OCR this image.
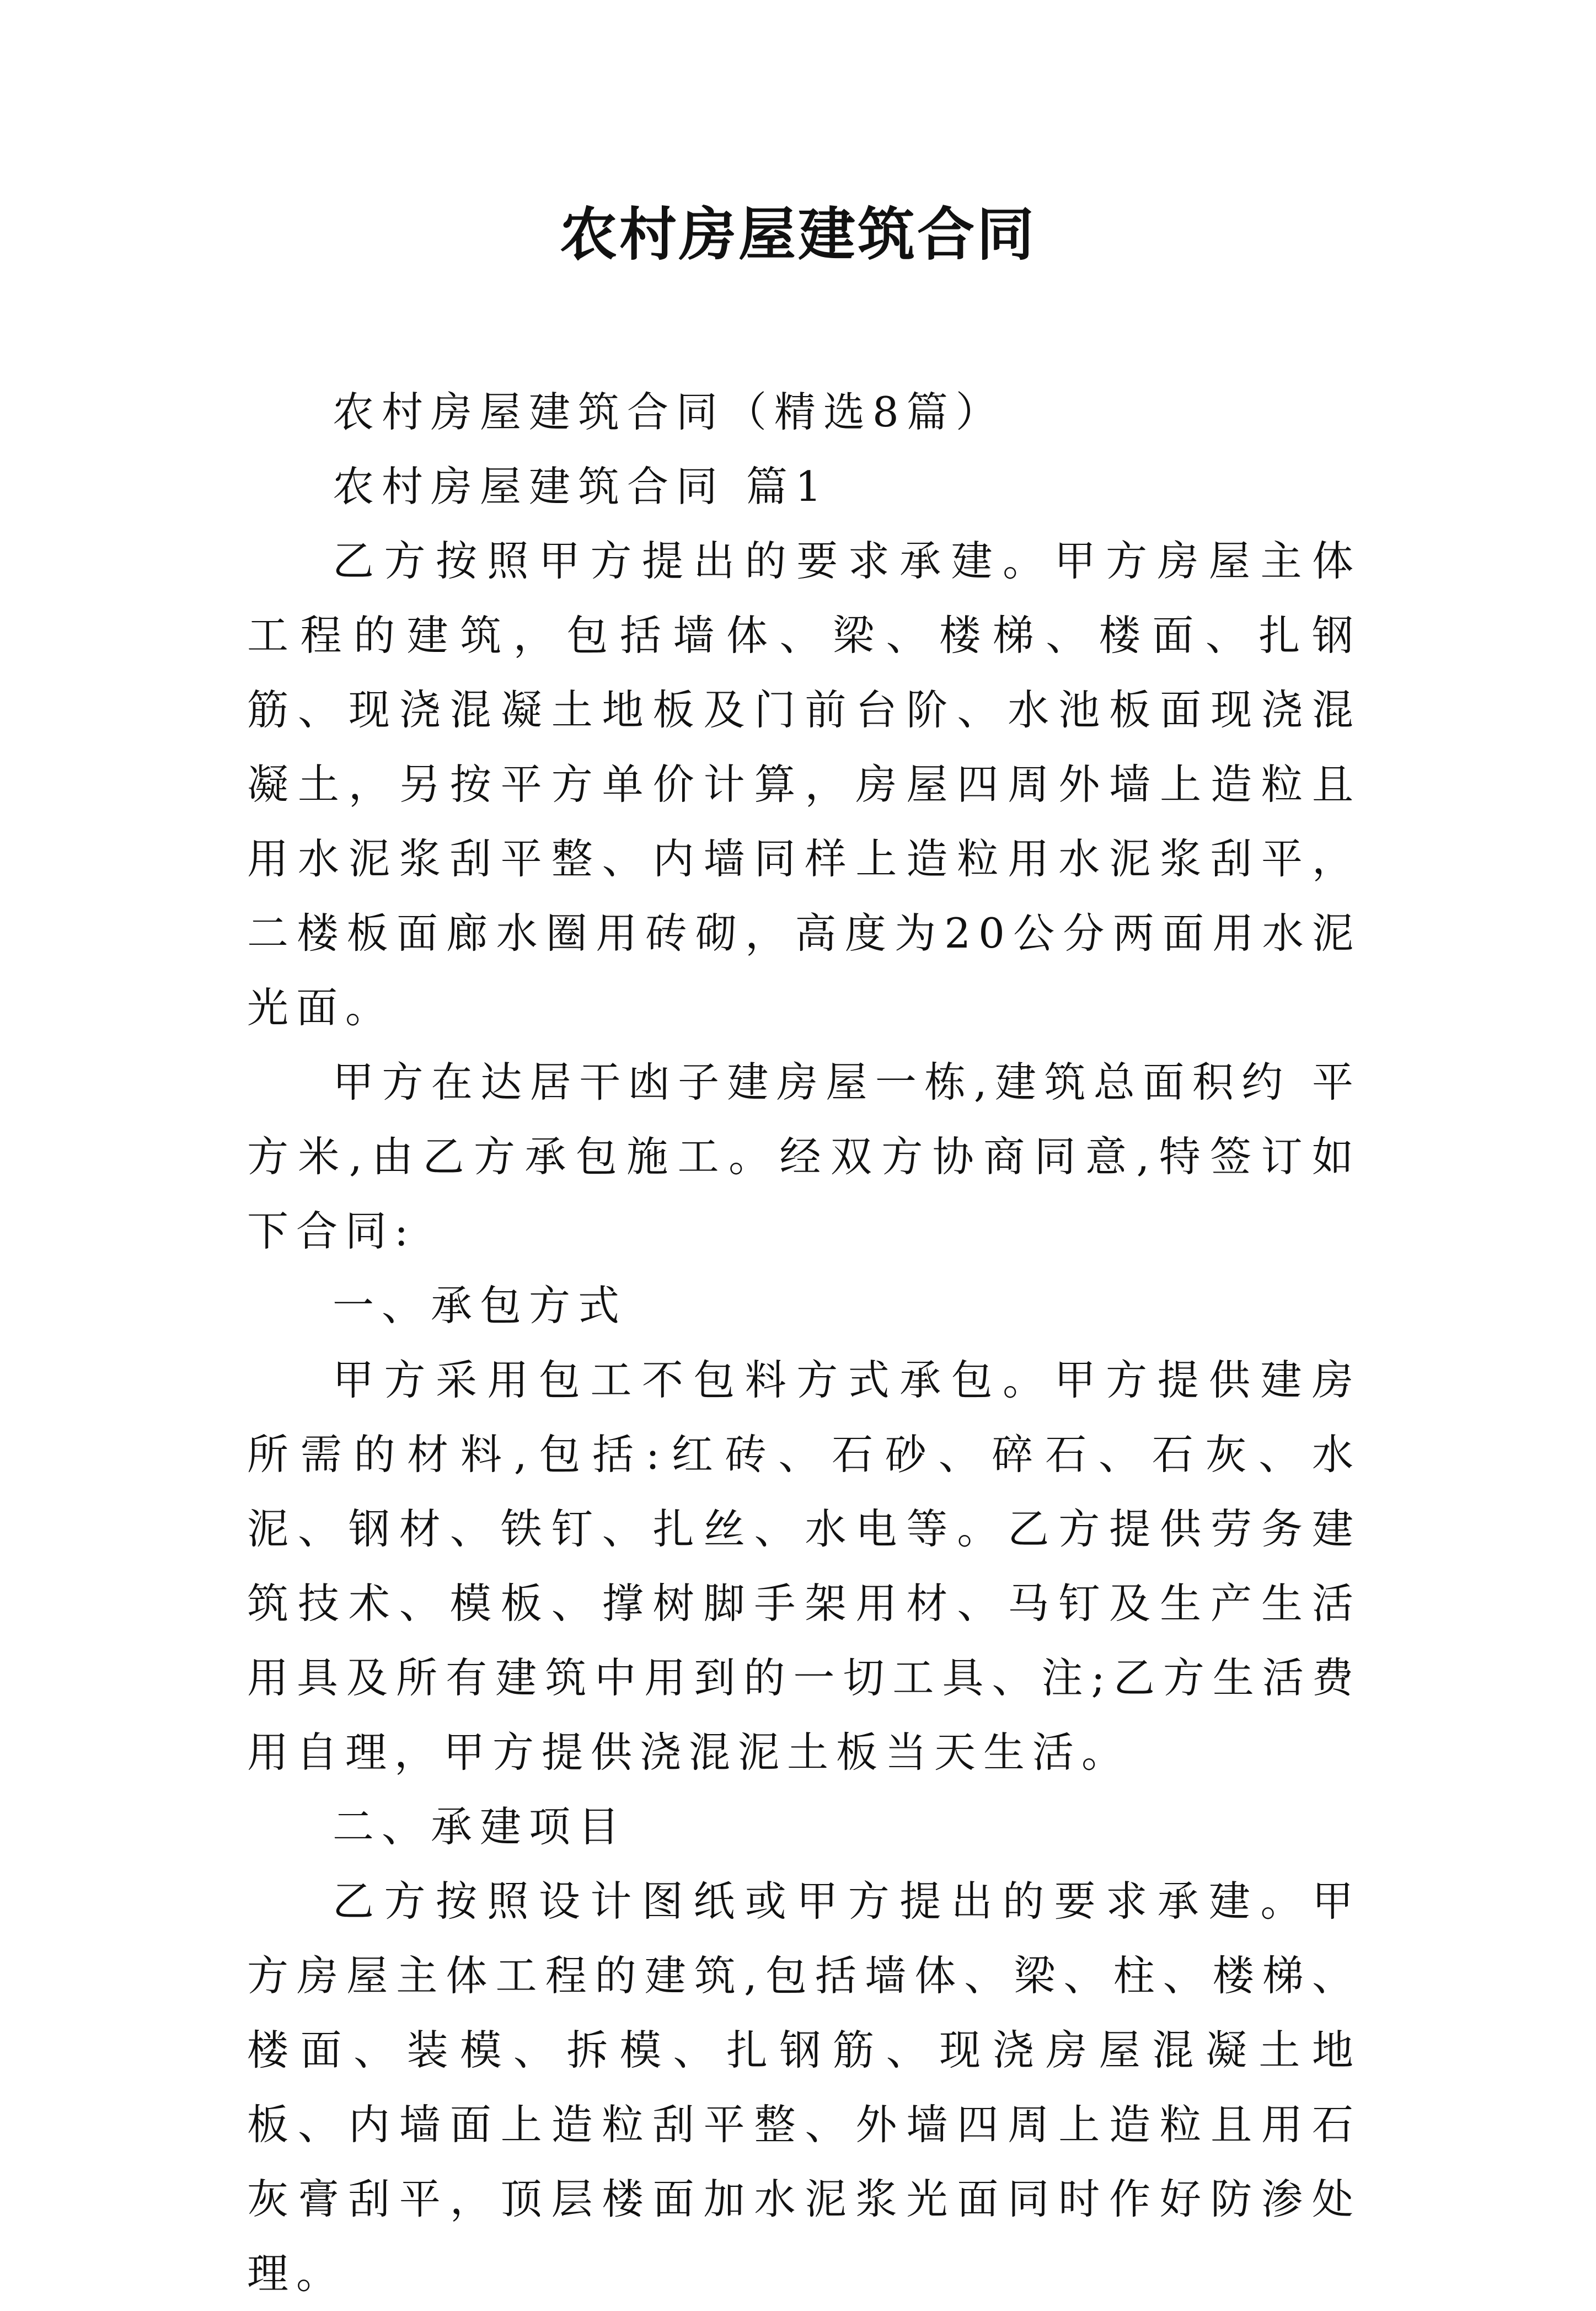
农村房屋建筑合同

农村房屋建筑合同（精选8篇）

农村房屋建筑合同 篇1

乙方按照甲方提出的要求承建。甲方房屋主体工程的建筑，包括墙体、梁、楼梯、楼面、扎钢筋、现浇混凝土地板及门前台阶、水池板面现浇混凝土，另按平方单价计算，房屋四周外墙上造粒且用水泥浆刮平整、内墙同样上造粒用水泥浆刮平，二楼板面廊水圈用砖砌，高度为20公分两面用水泥光面。

甲方在达居干凼子建房屋一栋,建筑总面积约 平方米,由乙方承包施工。经双方协商同意,特签订如下合同:

一、承包方式

甲方采用包工不包料方式承包。甲方提供建房所需的材料,包括:红砖、石砂、碎石、石灰、水泥、钢材、铁钉、扎丝、水电等。乙方提供劳务建筑技术、模板、撑树脚手架用材、马钉及生产生活用具及所有建筑中用到的一切工具、注;乙方生活费用自理，甲方提供浇混泥土板当天生活。

二、承建项目

乙方按照设计图纸或甲方提出的要求承建。甲方房屋主体工程的建筑,包括墙体、梁、柱、楼梯、楼面、装模、拆模、扎钢筋、现浇房屋混凝土地板、内墙面上造粒刮平整、外墙四周上造粒且用石灰膏刮平，顶层楼面加水泥浆光面同时作好防渗处理。
